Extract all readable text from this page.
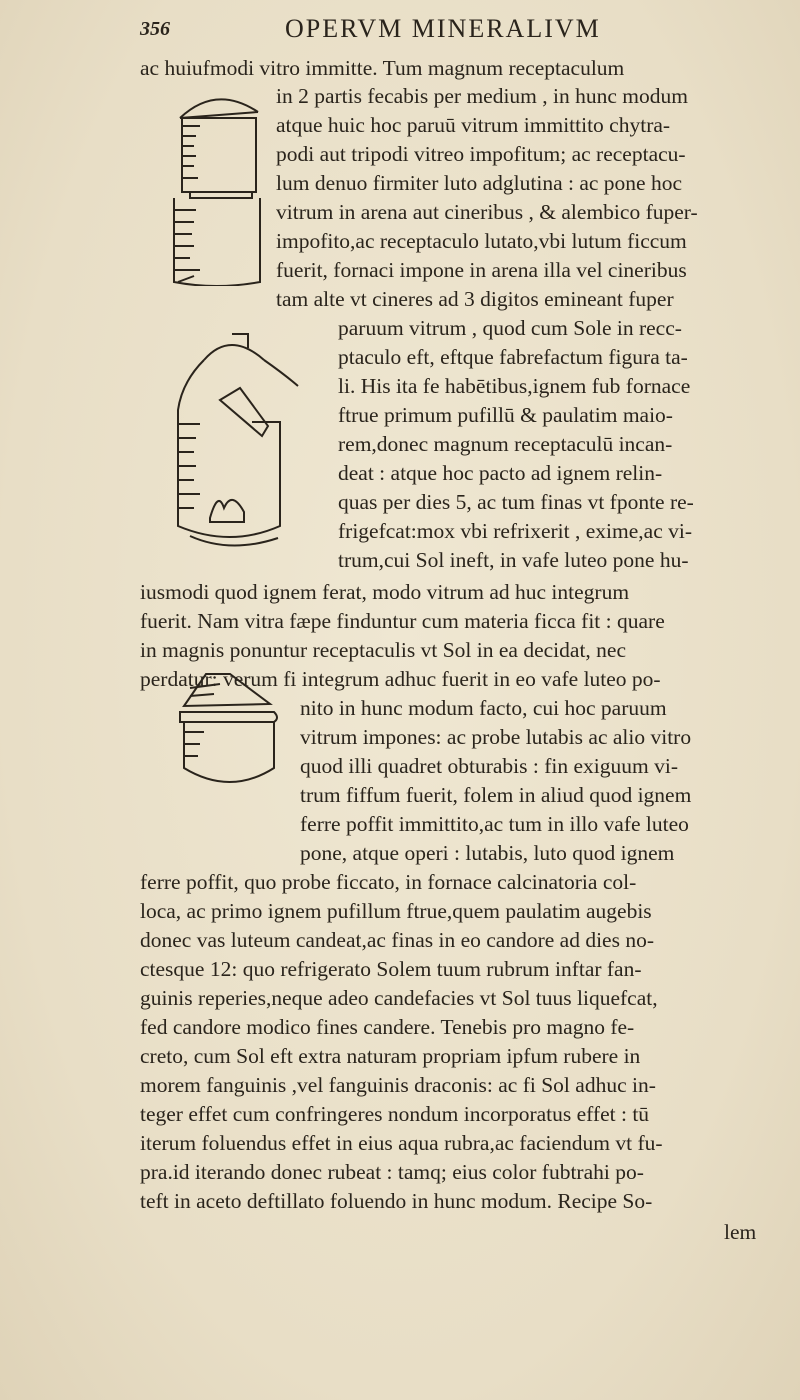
356	OPERVM MINERALIVM
ac huiufmodi vitro immitte. Tum magnum receptaculum
in 2 partis fecabis per medium , in hunc modum
atque huic hoc paruū vitrum immittito chytra-
podi aut tripodi vitreo impofitum; ac receptacu-
lum denuo firmiter luto adglutina : ac pone hoc
vitrum in arena aut cineribus , & alembico fuper-
impofito,ac receptaculo lutato,vbi lutum ficcum
fuerit, fornaci impone in arena illa vel cineribus
tam alte vt cineres ad 3 digitos emineant fuper
paruum vitrum , quod cum Sole in recc-
ptaculo eft, eftque fabrefactum figura ta-
li. His ita fe habētibus,ignem fub fornace
ftrue primum pufillū & paulatim maio-
rem,donec magnum receptaculū incan-
deat : atque hoc pacto ad ignem relin-
quas per dies 5, ac tum finas vt fponte re-
frigefcat:mox vbi refrixerit , exime,ac vi-
trum,cui Sol ineft, in vafe luteo pone hu-
iusmodi quod ignem ferat, modo vitrum ad huc integrum
fuerit. Nam vitra fæpe finduntur cum materia ficca fit : quare
in magnis ponuntur receptaculis vt Sol in ea decidat, nec
perdatur: verum fi integrum adhuc fuerit in eo vafe luteo po-
nito in hunc modum facto, cui hoc paruum
vitrum impones: ac probe lutabis ac alio vitro
quod illi quadret obturabis : fin exiguum vi-
trum fiffum fuerit, folem in aliud quod ignem
ferre poffit immittito,ac tum in illo vafe luteo
pone, atque operi : lutabis, luto quod ignem
ferre poffit, quo probe ficcato, in fornace calcinatoria col-
loca, ac primo ignem pufillum ftrue,quem paulatim augebis
donec vas luteum candeat,ac finas in eo candore ad dies no-
ctesque 12: quo refrigerato Solem tuum rubrum inftar fan-
guinis reperies,neque adeo candefacies vt Sol tuus liquefcat,
fed candore modico fines candere. Tenebis pro magno fe-
creto, cum Sol eft extra naturam propriam ipfum rubere in
morem fanguinis ,vel fanguinis draconis: ac fi Sol adhuc in-
teger effet cum confringeres nondum incorporatus effet : tū
iterum foluendus effet in eius aqua rubra,ac faciendum vt fu-
pra.id iterando donec rubeat : tamq; eius color fubtrahi po-
teft in aceto deftillato foluendo in hunc modum. Recipe So-
lem
